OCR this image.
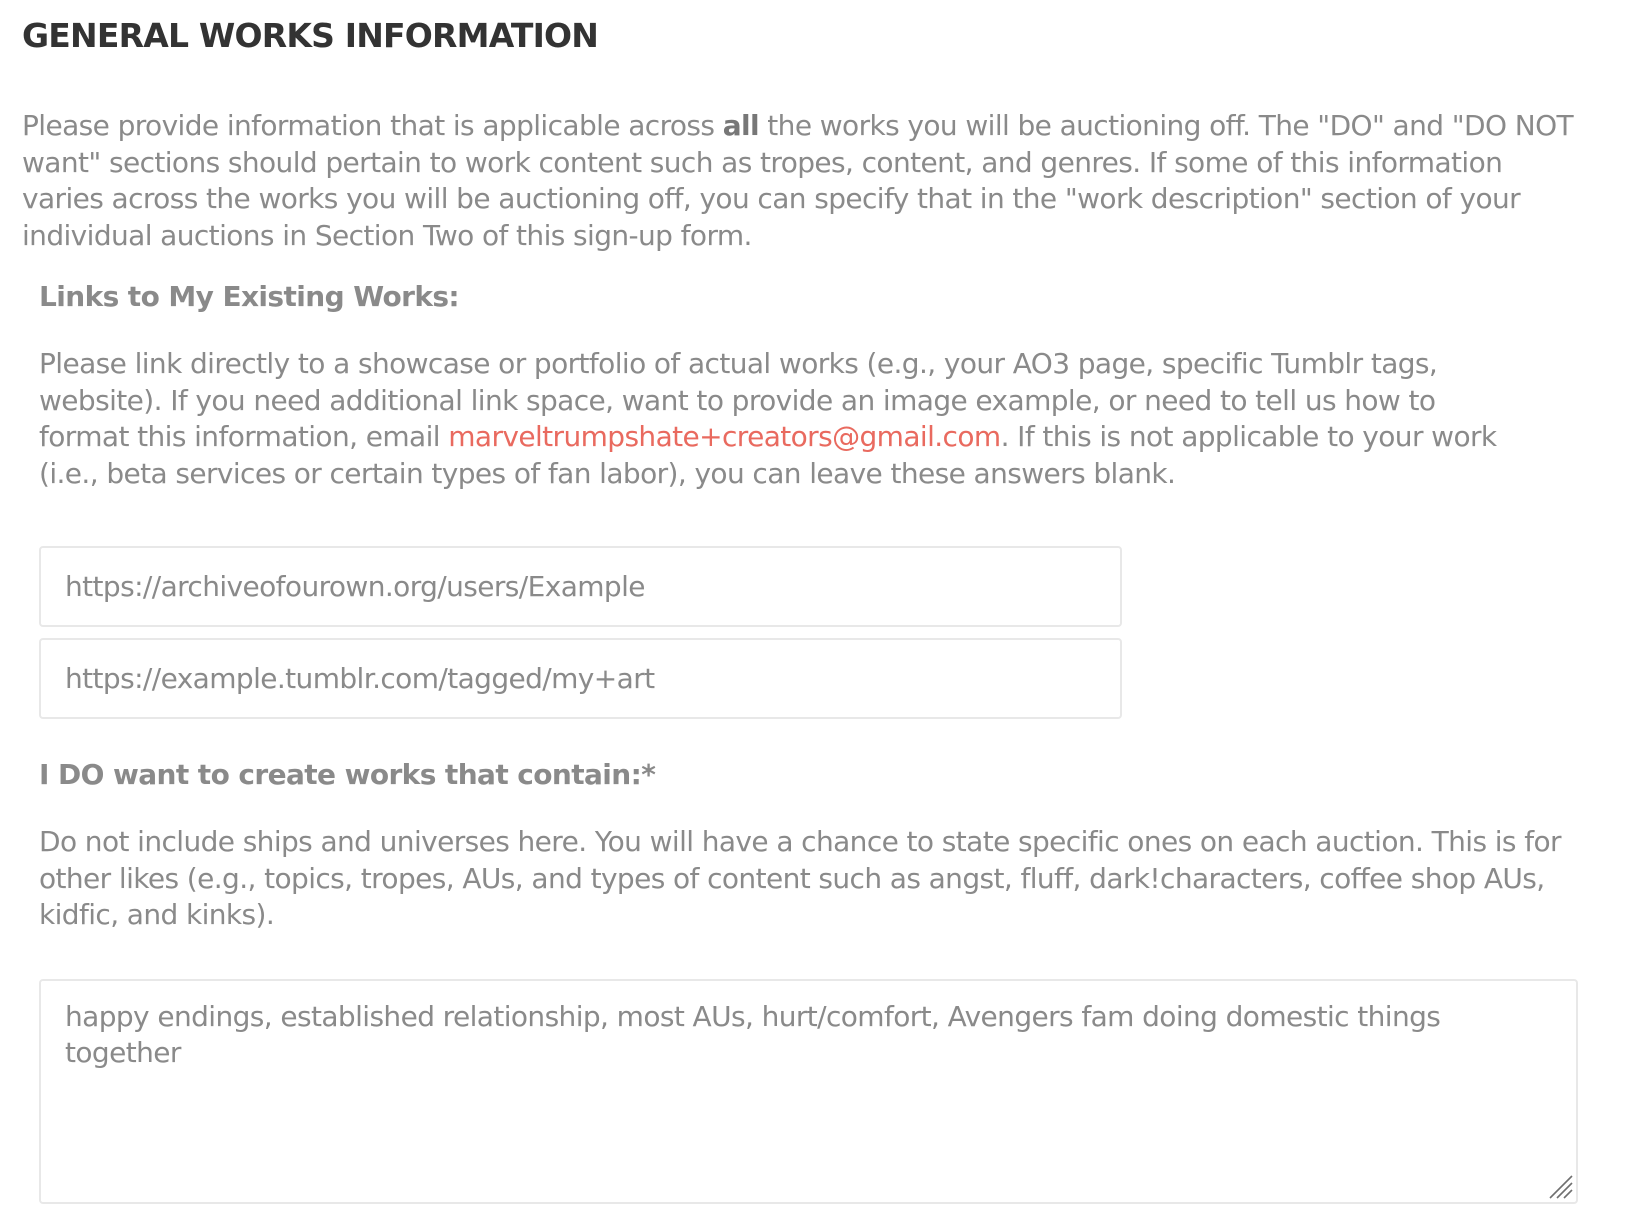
GENERAL WORKS INFORMATION

Please provide information that is applicable across all the works you will be auctioning off. The "DO" and "DO NOT want" sections should pertain to work content such as tropes, content, and genres. If some of this information varies across the works you will be auctioning off, you can specify that in the "work description" section of your individual auctions in Section Two of this sign-up form.

Links to My Existing Works:

Please link directly to a showcase or portfolio of actual works (e.g., your AO3 page, specific Tumblr tags, website). If you need additional link space, want to provide an image example, or need to tell us how to format this information, email marveltrumpshate+creators@gmail.com. If this is not applicable to your work (i.e., beta services or certain types of fan labor), you can leave these answers blank.

https://archiveofourown.org/users/Example
https://example.tumblr.com/tagged/my+art

I DO want to create works that contain:*

Do not include ships and universes here. You will have a chance to state specific ones on each auction. This is for other likes (e.g., topics, tropes, AUs, and types of content such as angst, fluff, dark!characters, coffee shop AUs, kidfic, and kinks).

happy endings, established relationship, most AUs, hurt/comfort, Avengers fam doing domestic things together
